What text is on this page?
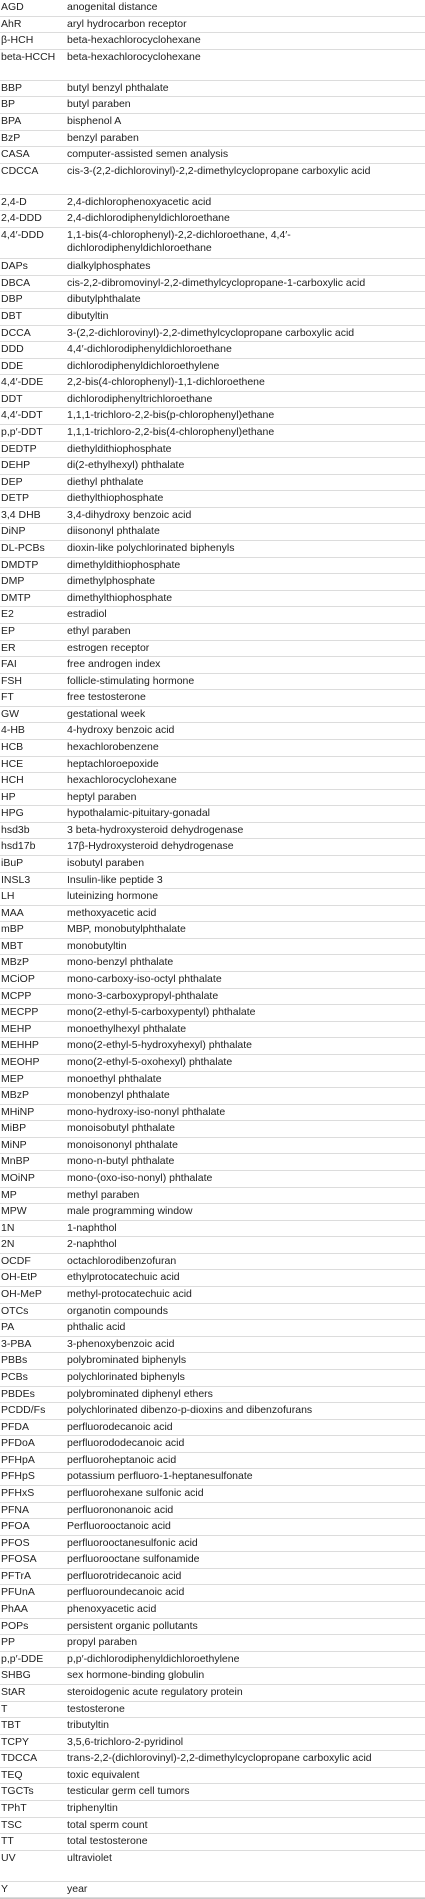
AGD	anogenital distance
AhR	aryl hydrocarbon receptor
β-HCH	beta-hexachlorocyclohexane
beta-HCCH	beta-hexachlorocyclohexane
BBP	butyl benzyl phthalate
BP	butyl paraben
BPA	bisphenol A
BzP	benzyl paraben
CASA	computer-assisted semen analysis
CDCCA	cis-3-(2,2-dichlorovinyl)-2,2-dimethylcyclopropane carboxylic acid
2,4-D	2,4-dichlorophenoxyacetic acid
2,4-DDD	2,4-dichlorodiphenyldichloroethane
4,4′-DDD	1,1-bis(4-chlorophenyl)-2,2-dichloroethane, 4,4′-dichlorodiphenyldichloroethane
DAPs	dialkylphosphates
DBCA	cis-2,2-dibromovinyl-2,2-dimethylcyclopropane-1-carboxylic acid
DBP	dibutylphthalate
DBT	dibutyltin
DCCA	3-(2,2-dichlorovinyl)-2,2-dimethylcyclopropane carboxylic acid
DDD	4,4′-dichlorodiphenyldichloroethane
DDE	dichlorodiphenyldichloroethylene
4,4′-DDE	2,2-bis(4-chlorophenyl)-1,1-dichloroethene
DDT	dichlorodiphenyltrichloroethane
4,4′-DDT	1,1,1-trichloro-2,2-bis(p-chlorophenyl)ethane
p,p′-DDT	1,1,1-trichloro-2,2-bis(4-chlorophenyl)ethane
DEDTP	diethyldithiophosphate
DEHP	di(2-ethylhexyl) phthalate
DEP	diethyl phthalate
DETP	diethylthiophosphate
3,4 DHB	3,4-dihydroxy benzoic acid
DiNP	diisononyl phthalate
DL-PCBs	dioxin-like polychlorinated biphenyls
DMDTP	dimethyldithiophosphate
DMP	dimethylphosphate
DMTP	dimethylthiophosphate
E2	estradiol
EP	ethyl paraben
ER	estrogen receptor
FAI	free androgen index
FSH	follicle-stimulating hormone
FT	free testosterone
GW	gestational week
4-HB	4-hydroxy benzoic acid
HCB	hexachlorobenzene
HCE	heptachloroepoxide
HCH	hexachlorocyclohexane
HP	heptyl paraben
HPG	hypothalamic-pituitary-gonadal
hsd3b	3 beta-hydroxysteroid dehydrogenase
hsd17b	17β-Hydroxysteroid dehydrogenase
iBuP	isobutyl paraben
INSL3	Insulin-like peptide 3
LH	luteinizing hormone
MAA	methoxyacetic acid
mBP	MBP, monobutylphthalate
MBT	monobutyltin
MBzP	mono-benzyl phthalate
MCiOP	mono-carboxy-iso-octyl phthalate
MCPP	mono-3-carboxypropyl-phthalate
MECPP	mono(2-ethyl-5-carboxypentyl) phthalate
MEHP	monoethylhexyl phthalate
MEHHP	mono(2-ethyl-5-hydroxyhexyl) phthalate
MEOHP	mono(2-ethyl-5-oxohexyl) phthalate
MEP	monoethyl phthalate
MBzP	monobenzyl phthalate
MHiNP	mono-hydroxy-iso-nonyl phthalate
MiBP	monoisobutyl phthalate
MiNP	monoisononyl phthalate
MnBP	mono-n-butyl phthalate
MOiNP	mono-(oxo-iso-nonyl) phthalate
MP	methyl paraben
MPW	male programming window
1N	1-naphthol
2N	2-naphthol
OCDF	octachlorodibenzofuran
OH-EtP	ethylprotocatechuic acid
OH-MeP	methyl-protocatechuic acid
OTCs	organotin compounds
PA	phthalic acid
3-PBA	3-phenoxybenzoic acid
PBBs	polybrominated biphenyls
PCBs	polychlorinated biphenyls
PBDEs	polybrominated diphenyl ethers
PCDD/Fs	polychlorinated dibenzo-p-dioxins and dibenzofurans
PFDA	perfluorodecanoic acid
PFDoA	perfluorododecanoic acid
PFHpA	perfluoroheptanoic acid
PFHpS	potassium perfluoro-1-heptanesulfonate
PFHxS	perfluorohexane sulfonic acid
PFNA	perfluorononanoic acid
PFOA	Perfluorooctanoic acid
PFOS	perfluorooctanesulfonic acid
PFOSA	perfluorooctane sulfonamide
PFTrA	perfluorotridecanoic acid
PFUnA	perfluoroundecanoic acid
PhAA	phenoxyacetic acid
POPs	persistent organic pollutants
PP	propyl paraben
p,p′-DDE	p,p′-dichlorodiphenyldichloroethylene
SHBG	sex hormone-binding globulin
StAR	steroidogenic acute regulatory protein
T	testosterone
TBT	tributyltin
TCPY	3,5,6-trichloro-2-pyridinol
TDCCA	trans-2,2-(dichlorovinyl)-2,2-dimethylcyclopropane carboxylic acid
TEQ	toxic equivalent
TGCTs	testicular germ cell tumors
TPhT	triphenyltin
TSC	total sperm count
TT	total testosterone
UV	ultraviolet
Y	year
